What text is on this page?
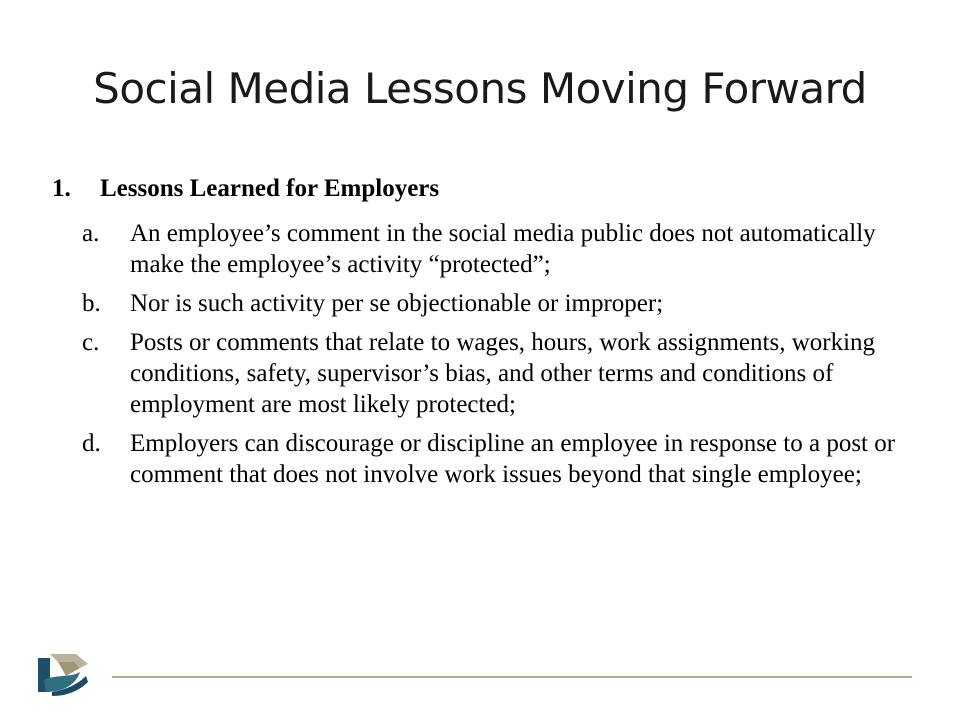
Social Media Lessons Moving Forward
1.	Lessons Learned for Employers
a.	An employee’s comment in the social media public does not automatically make the employee’s activity “protected”;
b.	Nor is such activity per se objectionable or improper;
c.	Posts or comments that relate to wages, hours, work assignments, working conditions, safety, supervisor’s bias, and other terms and conditions of employment are most likely protected;
d.	Employers can discourage or discipline an employee in response to a post or comment that does not involve work issues beyond that single employee;
